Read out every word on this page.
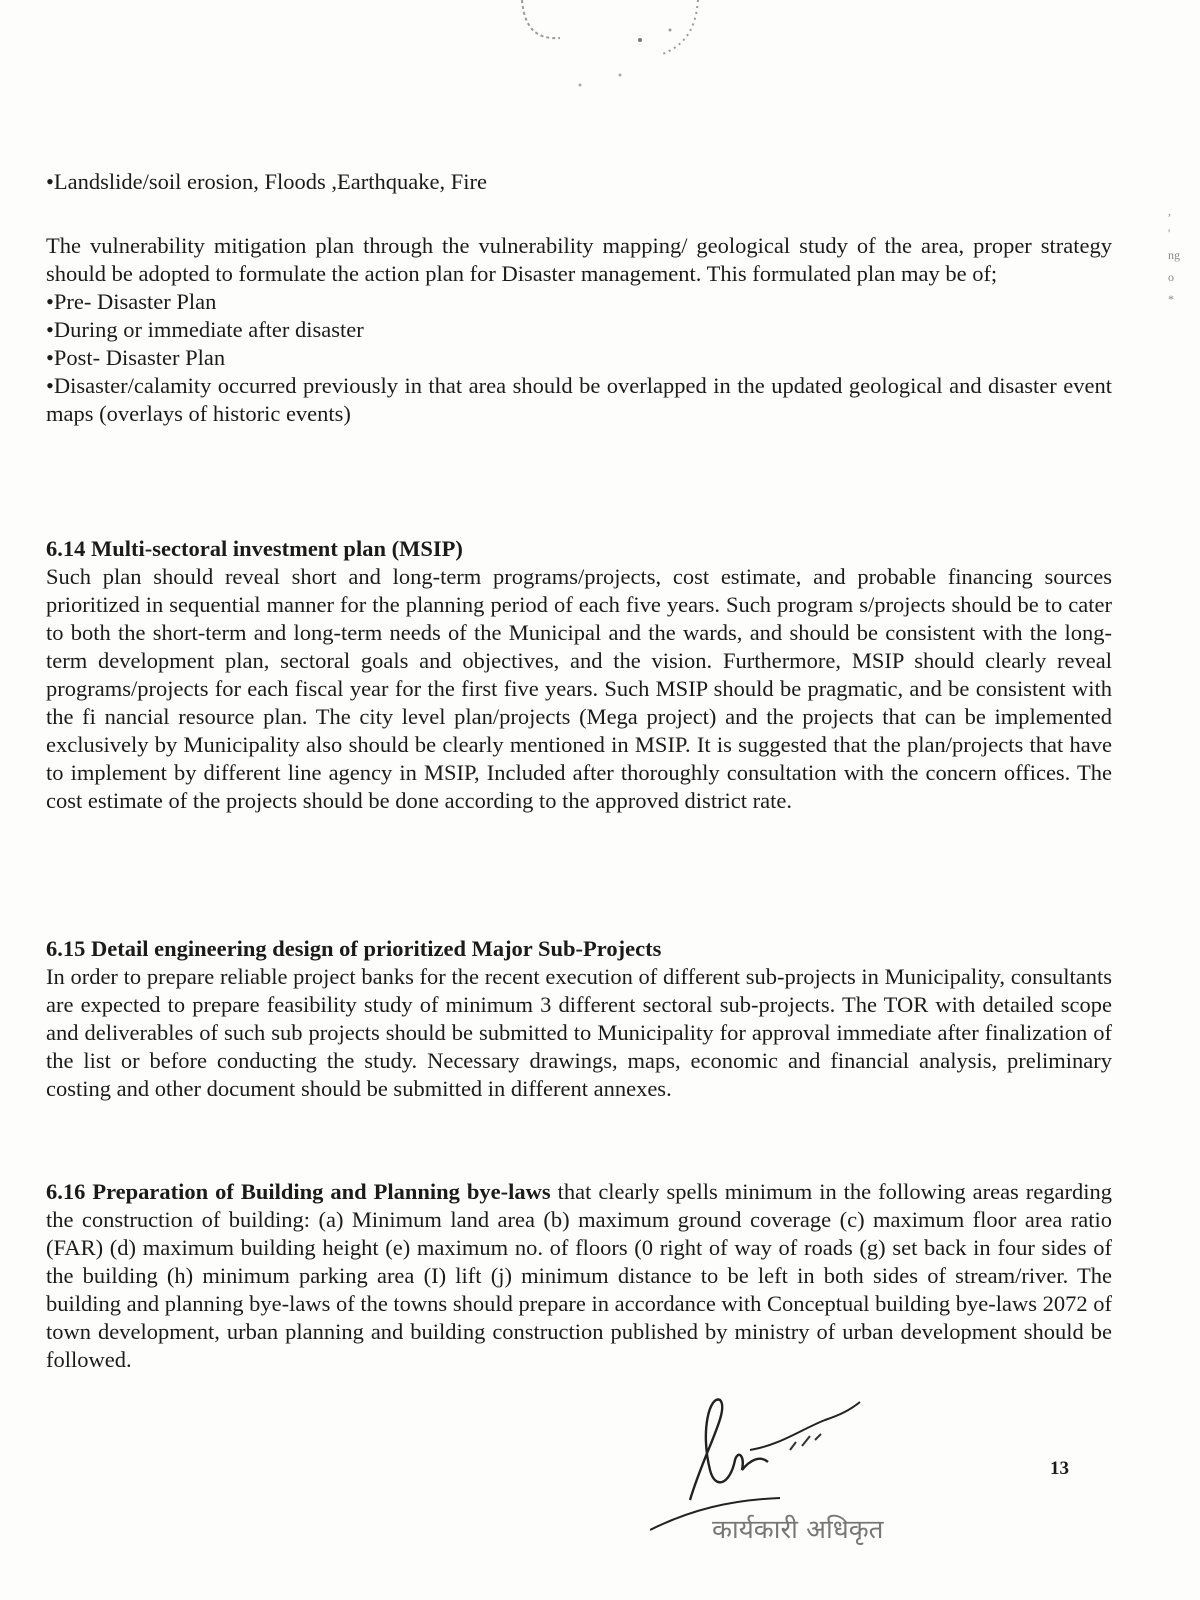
,
'
ng
o
*

•Landslide/soil erosion, Floods ,Earthquake, Fire

The vulnerability mitigation plan through the vulnerability mapping/ geological study of the area, proper strategy should be adopted to formulate the action plan for Disaster management. This formulated plan may be of;

•Pre- Disaster Plan

•During or immediate after disaster

•Post- Disaster Plan

•Disaster/calamity occurred previously in that area should be overlapped in the updated geological and disaster event maps (overlays of historic events)

6.14 Multi-sectoral investment plan (MSIP)

Such plan should reveal short and long-term programs/projects, cost estimate, and probable financing sources prioritized in sequential manner for the planning period of each five years. Such program s/projects should be to cater to both the short-term and long-term needs of the Municipal and the wards, and should be consistent with the long-term development plan, sectoral goals and objectives, and the vision. Furthermore, MSIP should clearly reveal programs/projects for each fiscal year for the first five years. Such MSIP should be pragmatic, and be consistent with the fi nancial resource plan. The city level plan/projects (Mega project) and the projects that can be implemented exclusively by Municipality also should be clearly mentioned in MSIP. It is suggested that the plan/projects that have to implement by different line agency in MSIP, Included after thoroughly consultation with the concern offices. The cost estimate of the projects should be done according to the approved district rate.

6.15 Detail engineering design of prioritized Major Sub-Projects

In order to prepare reliable project banks for the recent execution of different sub-projects in Municipality, consultants are expected to prepare feasibility study of minimum 3 different sectoral sub-projects. The TOR with detailed scope and deliverables of such sub projects should be submitted to Municipality for approval immediate after finalization of the list or before conducting the study. Necessary drawings, maps, economic and financial analysis, preliminary costing and other document should be submitted in different annexes.

6.16 Preparation of Building and Planning bye-laws that clearly spells minimum in the following areas regarding the construction of building: (a) Minimum land area (b) maximum ground coverage (c) maximum floor area ratio (FAR) (d) maximum building height (e) maximum no. of floors (0 right of way of roads (g) set back in four sides of the building (h) minimum parking area (I) lift (j) minimum distance to be left in both sides of stream/river. The building and planning bye-laws of the towns should prepare in accordance with Conceptual building bye-laws 2072 of town development, urban planning and building construction published by ministry of urban development should be followed.

कार्यकारी अधिकृत
13
